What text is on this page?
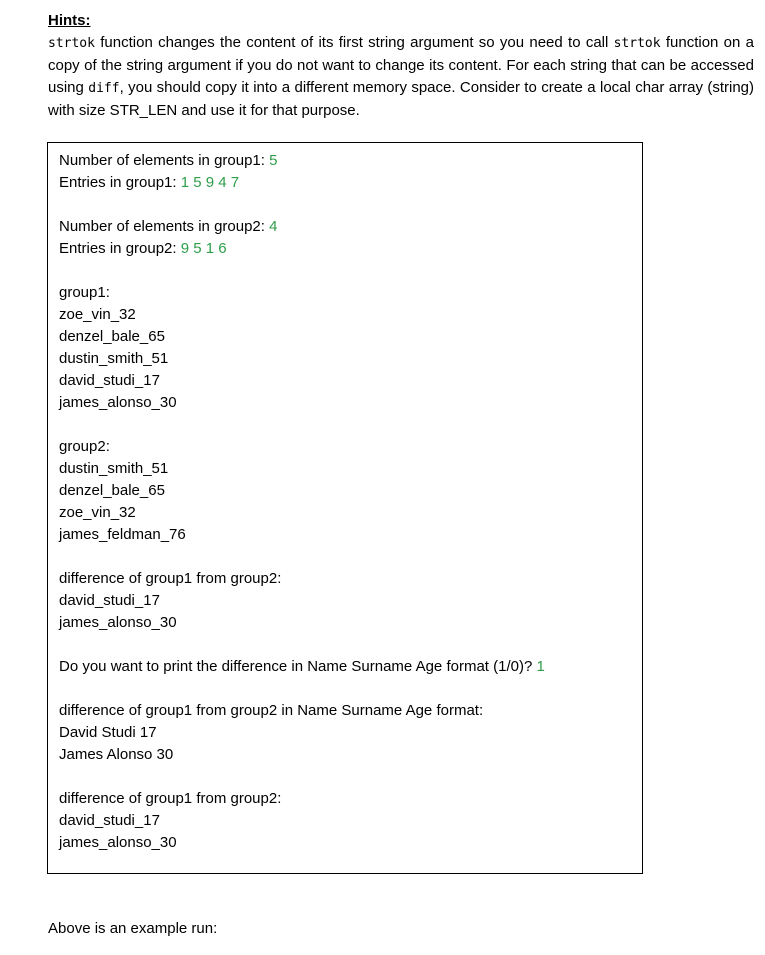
Hints:
strtok function changes the content of its first string argument so you need to call strtok function on a copy of the string argument if you do not want to change its content. For each string that can be accessed using diff, you should copy it into a different memory space. Consider to create a local char array (string) with size STR_LEN and use it for that purpose.
Number of elements in group1: 5
Entries in group1: 1 5 9 4 7
Number of elements in group2: 4
Entries in group2: 9 5 1 6
group1:
zoe_vin_32
denzel_bale_65
dustin_smith_51
david_studi_17
james_alonso_30
group2:
dustin_smith_51
denzel_bale_65
zoe_vin_32
james_feldman_76
difference of group1 from group2:
david_studi_17
james_alonso_30
Do you want to print the difference in Name Surname Age format (1/0)? 1
difference of group1 from group2 in Name Surname Age format:
David Studi 17
James Alonso 30
difference of group1 from group2:
david_studi_17
james_alonso_30
Above is an example run:
